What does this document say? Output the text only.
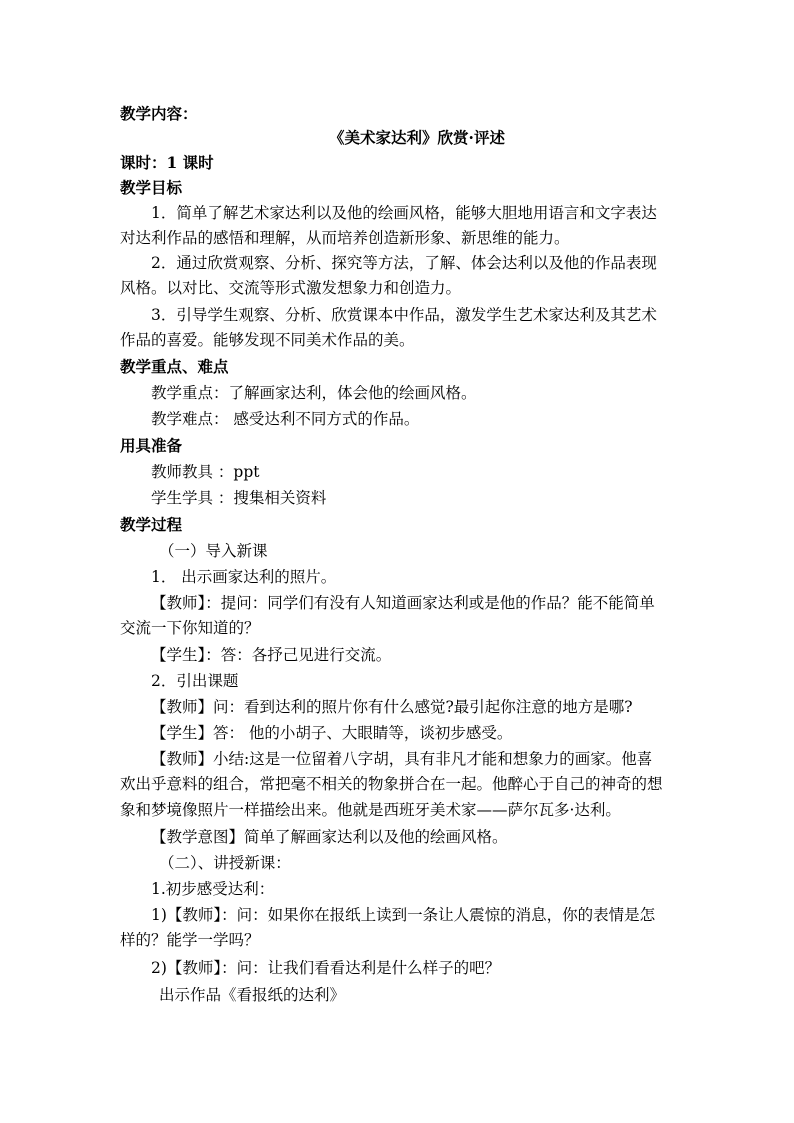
教学内容：
《美术家达利》欣赏·评述
课时：1 课时
教学目标
1．简单了解艺术家达利以及他的绘画风格，能够大胆地用语言和文字表达
对达利作品的感悟和理解，从而培养创造新形象、新思维的能力。
2．通过欣赏观察、分析、探究等方法，了解、体会达利以及他的作品表现
风格。以对比、交流等形式激发想象力和创造力。
3．引导学生观察、分析、欣赏课本中作品，激发学生艺术家达利及其艺术
作品的喜爱。能够发现不同美术作品的美。
教学重点、难点
教学重点：了解画家达利，体会他的绘画风格。
教学难点： 感受达利不同方式的作品。
用具准备
教师教具 ：ppt
学生学具 ：搜集相关资料
教学过程
（一）导入新课
1． 出示画家达利的照片。
【教师】：提问：同学们有没有人知道画家达利或是他的作品？能不能简单
交流一下你知道的？
【学生】：答：各抒己见进行交流。
2．引出课题
【教师】问：看到达利的照片你有什么感觉?最引起你注意的地方是哪?
【学生】答： 他的小胡子、大眼睛等，谈初步感受。
【教师】小结:这是一位留着八字胡，具有非凡才能和想象力的画家。他喜
欢出乎意料的组合，常把毫不相关的物象拼合在一起。他醉心于自己的神奇的想
象和梦境像照片一样描绘出来。他就是西班牙美术家——萨尔瓦多·达利。
【教学意图】简单了解画家达利以及他的绘画风格。
（二）、讲授新课：
1.初步感受达利：
1)【教师】：问：如果你在报纸上读到一条让人震惊的消息，你的表情是怎
样的？能学一学吗？
2)【教师】：问：让我们看看达利是什么样子的吧？
出示作品《看报纸的达利》
